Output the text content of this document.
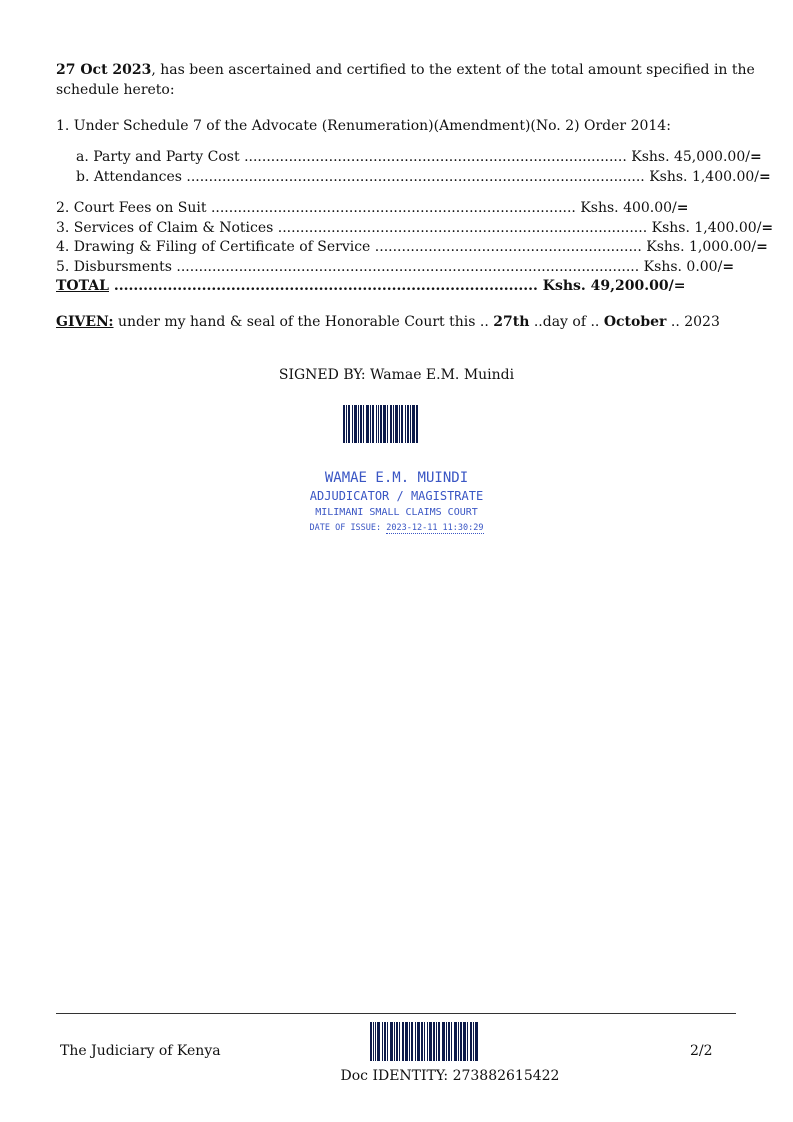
27 Oct 2023, has been ascertained and certified to the extent of the total amount specified in the
schedule hereto:
1. Under Schedule 7 of the Advocate (Renumeration)(Amendment)(No. 2) Order 2014:
a. Party and Party Cost ...................................................................................... Kshs. 45,000.00/=
b. Attendances ....................................................................................................... Kshs. 1,400.00/=
2. Court Fees on Suit .................................................................................. Kshs. 400.00/=
3. Services of Claim & Notices ................................................................................... Kshs. 1,400.00/=
4. Drawing & Filing of Certificate of Service ............................................................ Kshs. 1,000.00/=
5. Disbursments ........................................................................................................ Kshs. 0.00/=
TOTAL ....................................................................................... Kshs. 49,200.00/=
GIVEN: under my hand & seal of the Honorable Court this .. 27th ..day of .. October .. 2023
SIGNED BY: Wamae E.M. Muindi
WAMAE E.M. MUINDI
ADJUDICATOR / MAGISTRATE
MILIMANI SMALL CLAIMS COURT
DATE OF ISSUE: 2023-12-11 11:30:29
The Judiciary of Kenya
Doc IDENTITY: 273882615422
2/2
